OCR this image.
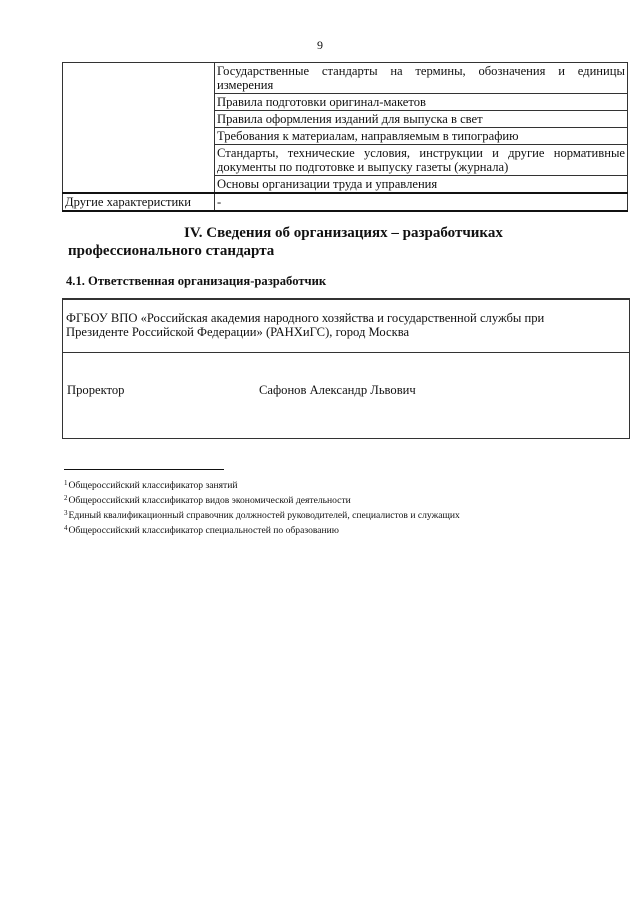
9
	Государственные стандарты на термины, обозначения и единицы измерения
	Правила подготовки оригинал-макетов
	Правила оформления изданий для выпуска в свет
	Требования к материалам, направляемым в типографию
	Стандарты, технические условия, инструкции и другие нормативные документы по подготовке и выпуску газеты (журнала)
	Основы организации труда и управления
Другие характеристики	-
IV. Сведения об организациях – разработчиках
профессионального стандарта
4.1. Ответственная организация-разработчик
ФГБОУ ВПО «Российская академия народного хозяйства и государственной службы при Президенте Российской Федерации» (РАНХиГС), город Москва
Проректор	Сафонов Александр Львович
$^1$Общероссийский классификатор занятий
$^2$Общероссийский классификатор видов экономической деятельности
$^3$Единый квалификационный справочник должностей руководителей, специалистов и служащих
$^4$Общероссийский классификатор специальностей по образованию
